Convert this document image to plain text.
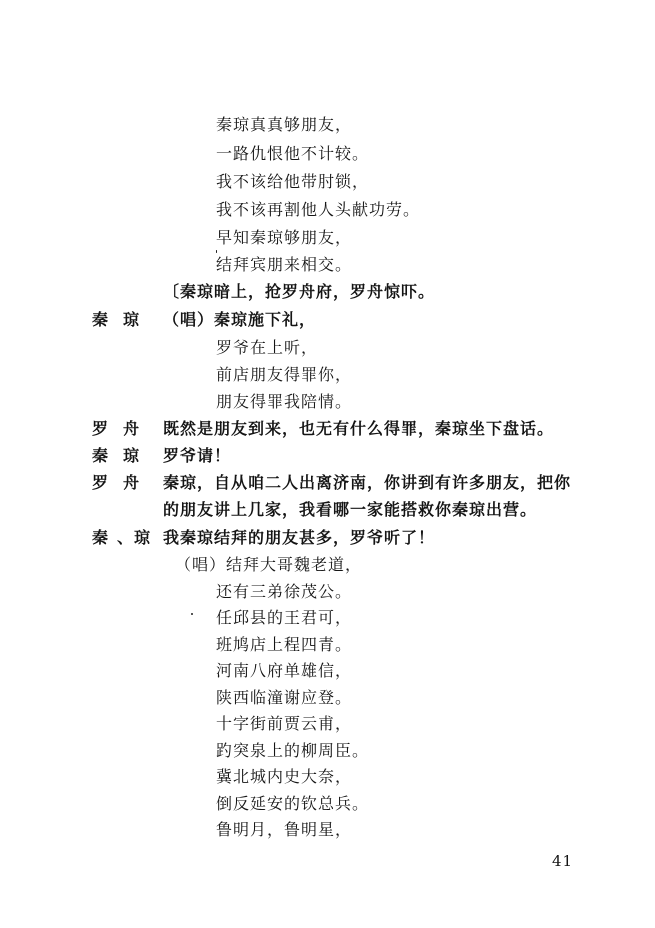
秦琼真真够朋友，
一路仇恨他不计较。
我不该给他带肘锁，
我不该再割他人头献功劳。
早知秦琼够朋友，
结拜宾朋来相交。
〔秦琼暗上，抢罗舟府，罗舟惊吓。
秦 琼 （唱）秦琼施下礼，
罗爷在上听，
前店朋友得罪你，
朋友得罪我陪情。
罗 舟 既然是朋友到来，也无有什么得罪，秦琼坐下盘话。
秦 琼 罗爷请！
罗 舟 秦琼，自从咱二人出离济南，你讲到有许多朋友，把你
的朋友讲上几家，我看哪一家能搭救你秦琼出营。
秦 、琼 我秦琼结拜的朋友甚多，罗爷听了！
（唱）结拜大哥魏老道，
还有三弟徐茂公。
任邱县的王君可，
班鸠店上程四青。
河南八府单雄信，
陕西临潼谢应登。
十字街前贾云甫，
趵突泉上的柳周臣。
冀北城内史大奈，
倒反延安的钦总兵。
鲁明月，鲁明星，
41
